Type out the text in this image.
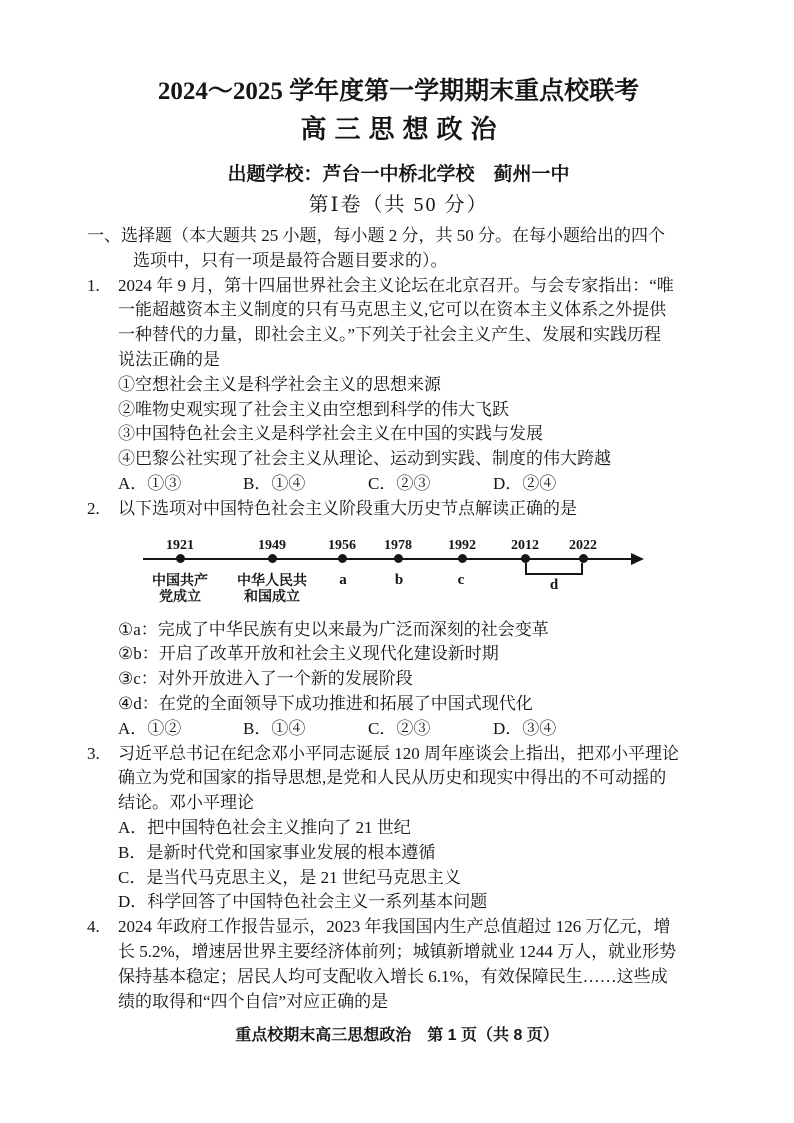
2024～2025 学年度第一学期期末重点校联考
高三思想政治
出题学校：芦台一中桥北学校　蓟州一中
第Ⅰ卷（共 50 分）
一、选择题（本大题共 25 小题，每小题 2 分，共 50 分。在每小题给出的四个
选项中，只有一项是最符合题目要求的）。
1. 2024 年 9 月，第十四届世界社会主义论坛在北京召开。与会专家指出：“唯
一能超越资本主义制度的只有马克思主义,它可以在资本主义体系之外提供
一种替代的力量，即社会主义。”下列关于社会主义产生、发展和实践历程
说法正确的是
①空想社会主义是科学社会主义的思想来源
②唯物史观实现了社会主义由空想到科学的伟大飞跃
③中国特色社会主义是科学社会主义在中国的实践与发展
④巴黎公社实现了社会主义从理论、运动到实践、制度的伟大跨越
A．①③	B．①④	C．②③	D．②④
2. 以下选项对中国特色社会主义阶段重大历史节点解读正确的是
1921	1949	1956	1978	1992	2012	2022
中国共产
党成立
中华人民共
和国成立
a	b	c	d
①a：完成了中华民族有史以来最为广泛而深刻的社会变革
②b：开启了改革开放和社会主义现代化建设新时期
③c：对外开放进入了一个新的发展阶段
④d：在党的全面领导下成功推进和拓展了中国式现代化
A．①②	B．①④	C．②③	D．③④
3. 习近平总书记在纪念邓小平同志诞辰 120 周年座谈会上指出，把邓小平理论
确立为党和国家的指导思想,是党和人民从历史和现实中得出的不可动摇的
结论。邓小平理论
A．把中国特色社会主义推向了 21 世纪
B．是新时代党和国家事业发展的根本遵循
C．是当代马克思主义，是 21 世纪马克思主义
D．科学回答了中国特色社会主义一系列基本问题
4. 2024 年政府工作报告显示，2023 年我国国内生产总值超过 126 万亿元，增
长 5.2%，增速居世界主要经济体前列；城镇新增就业 1244 万人，就业形势
保持基本稳定；居民人均可支配收入增长 6.1%，有效保障民生……这些成
绩的取得和“四个自信”对应正确的是
重点校期末高三思想政治　第 1 页（共 8 页）
